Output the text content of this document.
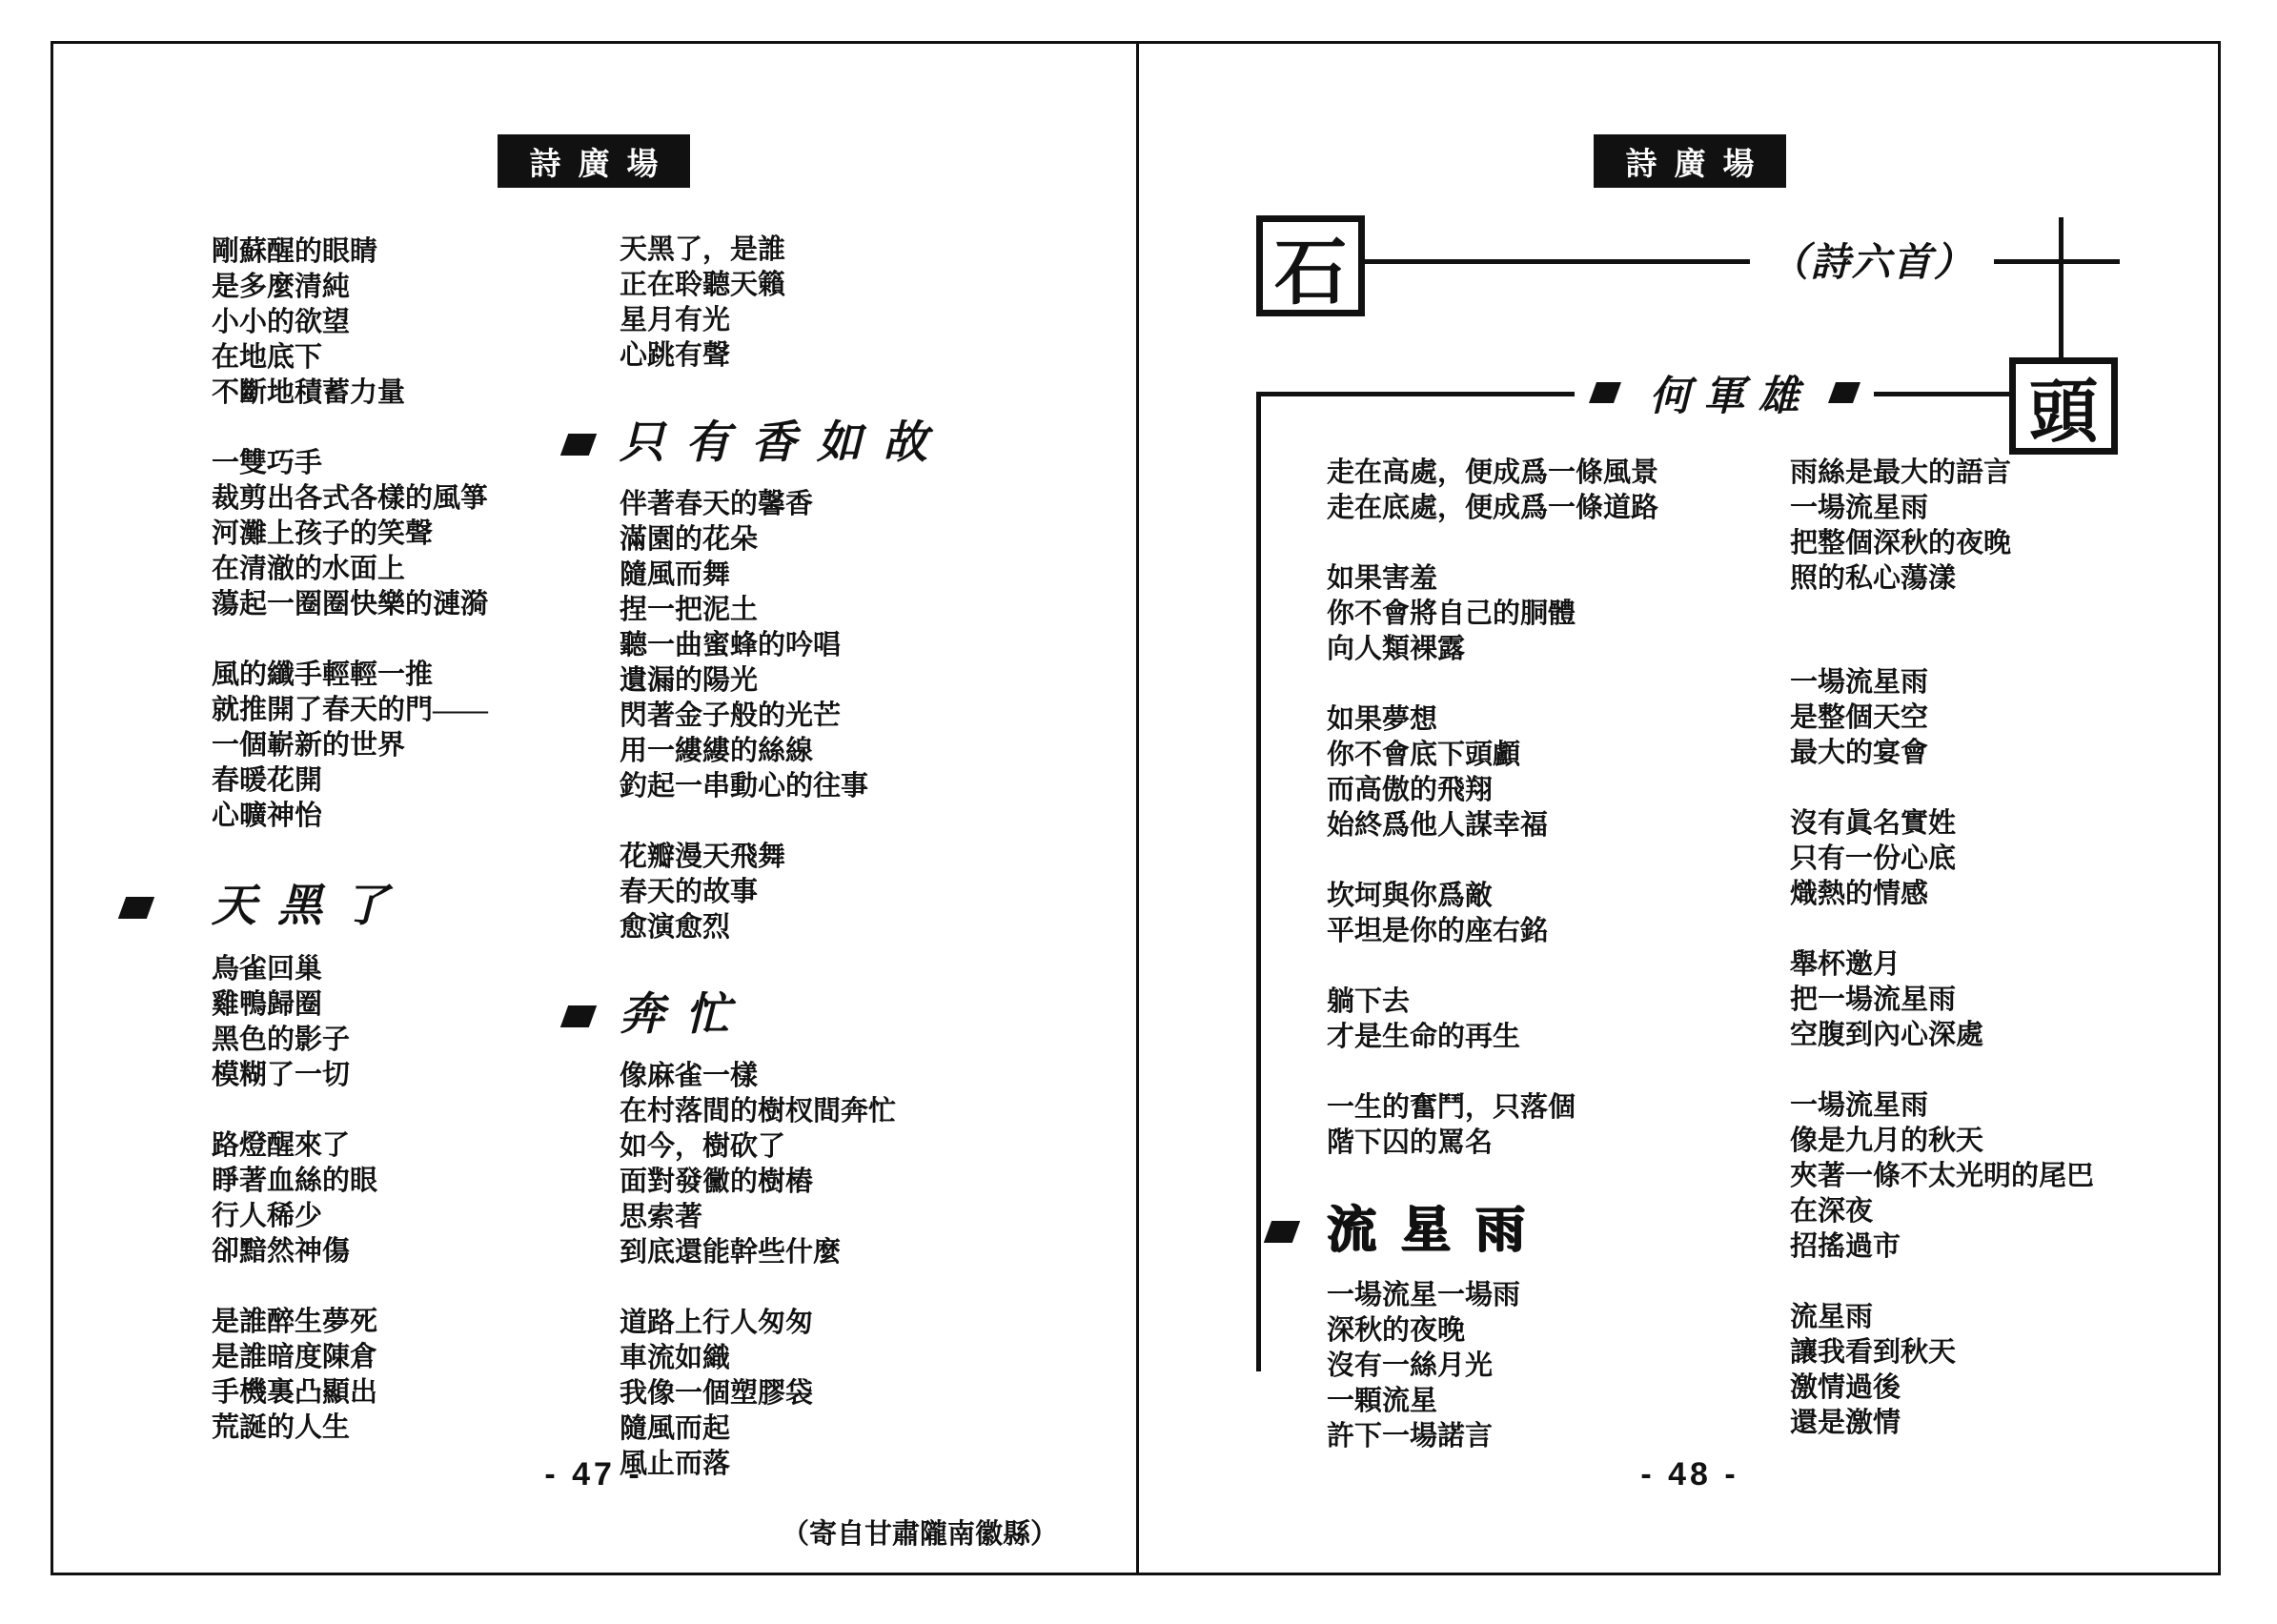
詩廣場
剛蘇醒的眼睛
是多麼清純
小小的欲望
在地底下
不斷地積蓄力量
一雙巧手
裁剪出各式各樣的風箏
河灘上孩子的笑聲
在清澈的水面上
蕩起一圈圈快樂的漣漪
風的纖手輕輕一推
就推開了春天的門——
一個嶄新的世界
春暖花開
心曠神怡
天黑了
鳥雀回巢
雞鴨歸圈
黑色的影子
模糊了一切
路燈醒來了
睜著血絲的眼
行人稀少
卻黯然神傷
是誰醉生夢死
是誰暗度陳倉
手機裏凸顯出
荒誕的人生
天黑了，是誰
正在聆聽天籟
星月有光
心跳有聲
只有香如故
伴著春天的馨香
滿園的花朵
隨風而舞
捏一把泥土
聽一曲蜜蜂的吟唱
遺漏的陽光
閃著金子般的光芒
用一縷縷的絲線
釣起一串動心的往事
花瓣漫天飛舞
春天的故事
愈演愈烈
奔忙
像麻雀一樣
在村落間的樹杈間奔忙
如今，樹砍了
面對發黴的樹樁
思索著
到底還能幹些什麼
道路上行人匆匆
車流如織
我像一個塑膠袋
隨風而起
風止而落
（寄自甘肅隴南徽縣）
- 47 -
詩廣場
石
頭
（詩六首）
何軍雄
走在高處，便成爲一條風景
走在底處，便成爲一條道路
如果害羞
你不會將自己的胴體
向人類裸露
如果夢想
你不會底下頭顱
而高傲的飛翔
始終爲他人謀幸福
坎坷與你爲敵
平坦是你的座右銘
躺下去
才是生命的再生
一生的奮鬥，只落個
階下囚的罵名
流星雨
一場流星一場雨
深秋的夜晚
沒有一絲月光
一顆流星
許下一場諾言
雨絲是最大的語言
一場流星雨
把整個深秋的夜晚
照的私心蕩漾
一場流星雨
是整個天空
最大的宴會
沒有眞名實姓
只有一份心底
熾熱的情感
舉杯邀月
把一場流星雨
空腹到內心深處
一場流星雨
像是九月的秋天
夾著一條不太光明的尾巴
在深夜
招搖過市
流星雨
讓我看到秋天
激情過後
還是激情
- 48 -
